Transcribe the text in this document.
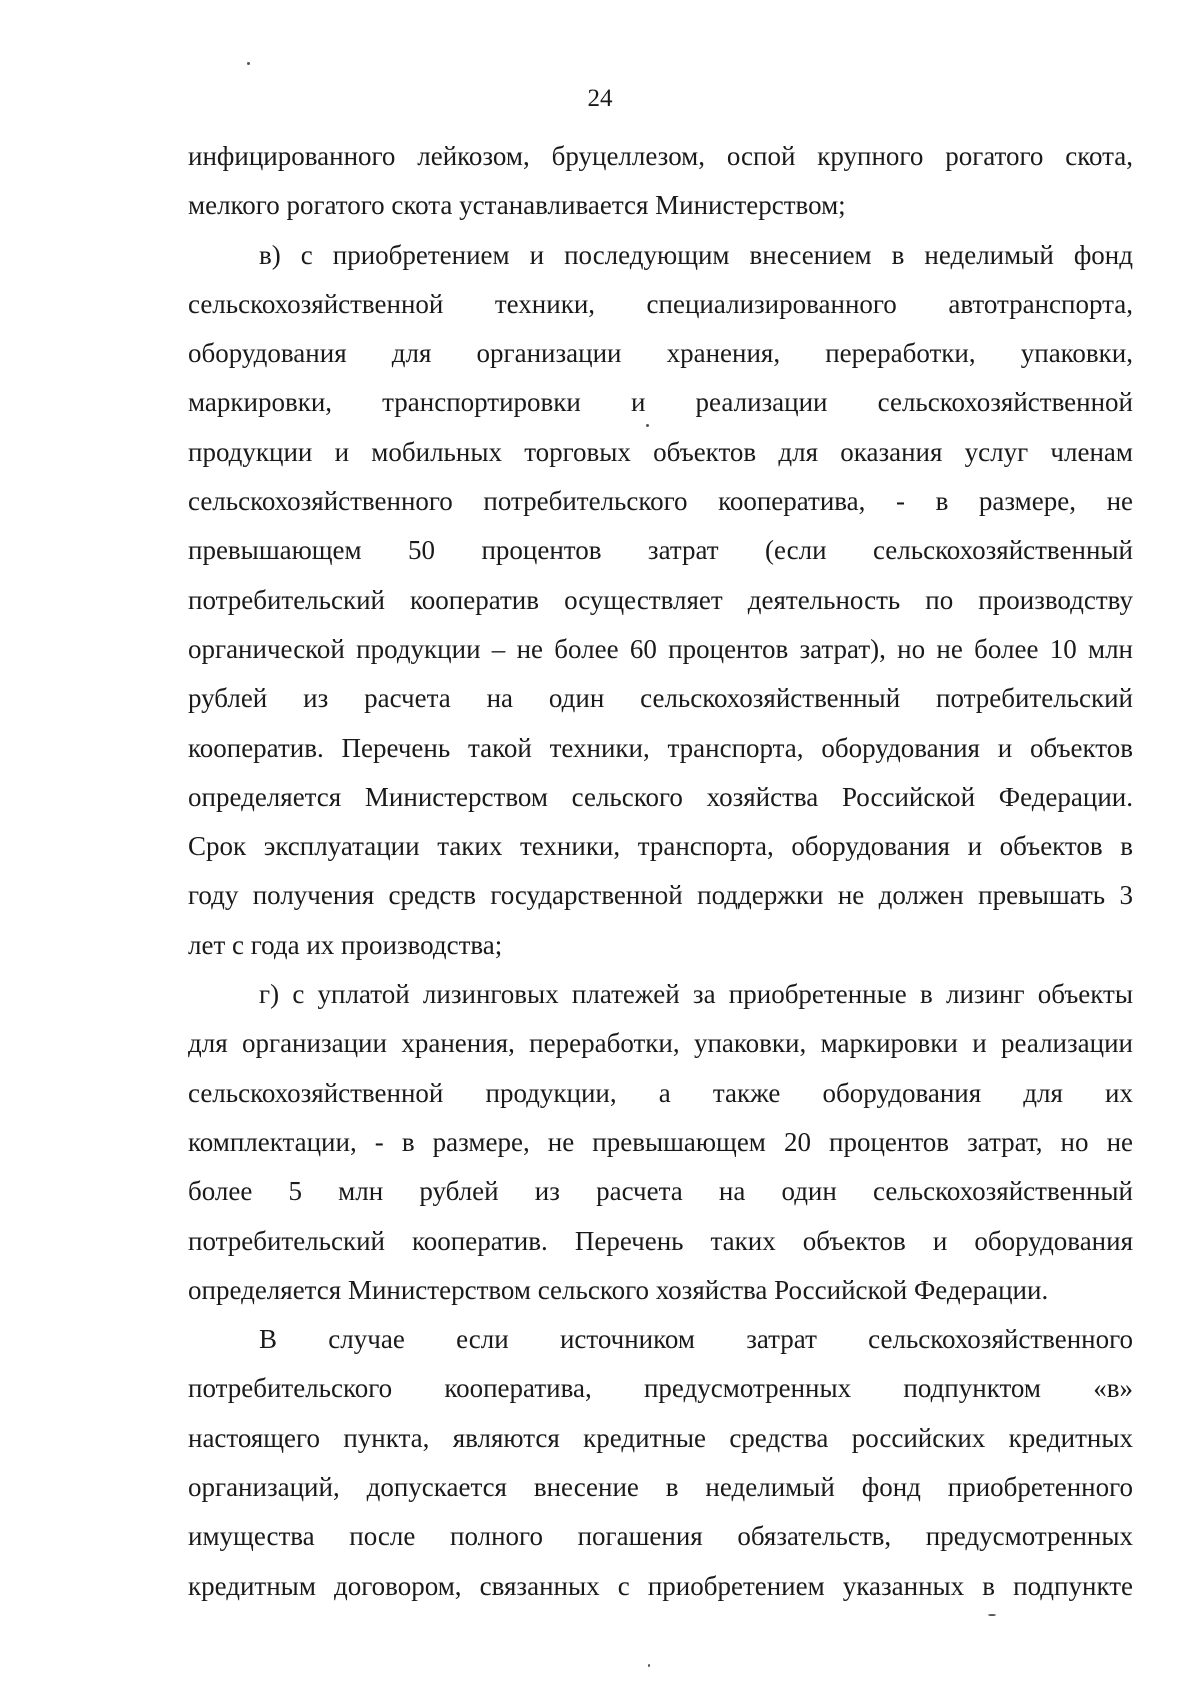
24
инфицированного лейкозом, бруцеллезом, оспой крупного рогатого скота,
мелкого рогатого скота устанавливается Министерством;
в) с приобретением и последующим внесением в неделимый фонд
сельскохозяйственной техники, специализированного автотранспорта,
оборудования для организации хранения, переработки, упаковки,
маркировки, транспортировки и реализации сельскохозяйственной
продукции и мобильных торговых объектов для оказания услуг членам
сельскохозяйственного потребительского кооператива, - в размере, не
превышающем 50 процентов затрат (если сельскохозяйственный
потребительский кооператив осуществляет деятельность по производству
органической продукции – не более 60 процентов затрат), но не более 10 млн
рублей из расчета на один сельскохозяйственный потребительский
кооператив. Перечень такой техники, транспорта, оборудования и объектов
определяется Министерством сельского хозяйства Российской Федерации.
Срок эксплуатации таких техники, транспорта, оборудования и объектов в
году получения средств государственной поддержки не должен превышать 3
лет с года их производства;
г) с уплатой лизинговых платежей за приобретенные в лизинг объекты
для организации хранения, переработки, упаковки, маркировки и реализации
сельскохозяйственной продукции, а также оборудования для их
комплектации, - в размере, не превышающем 20 процентов затрат, но не
более 5 млн рублей из расчета на один сельскохозяйственный
потребительский кооператив. Перечень таких объектов и оборудования
определяется Министерством сельского хозяйства Российской Федерации.
В случае если источником затрат сельскохозяйственного
потребительского кооператива, предусмотренных подпунктом «в»
настоящего пункта, являются кредитные средства российских кредитных
организаций, допускается внесение в неделимый фонд приобретенного
имущества после полного погашения обязательств, предусмотренных
кредитным договором, связанных с приобретением указанных в подпункте
